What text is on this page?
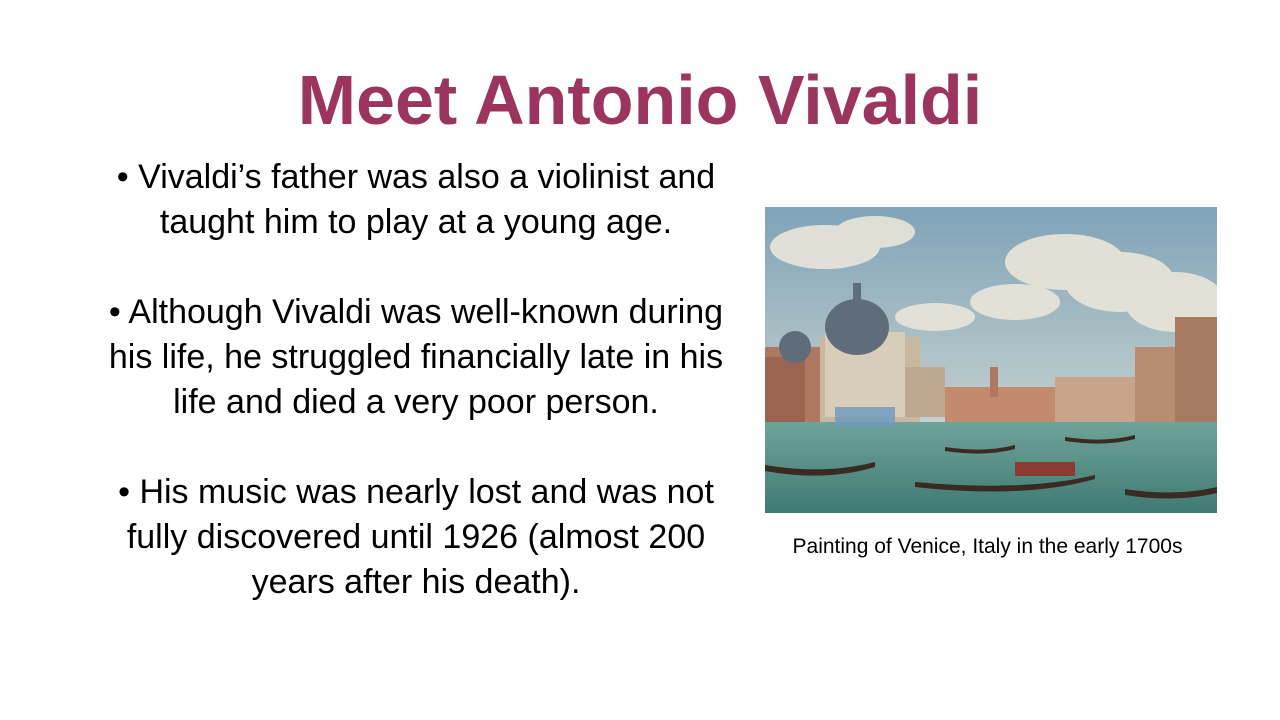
Meet Antonio Vivaldi
• Vivaldi’s father was also a violinist and taught him to play at a young age.
• Although Vivaldi was well-known during his life, he struggled financially late in his life and died a very poor person.
• His music was nearly lost and was not fully discovered until 1926 (almost 200 years after his death).

Painting of Venice, Italy in the early 1700s
